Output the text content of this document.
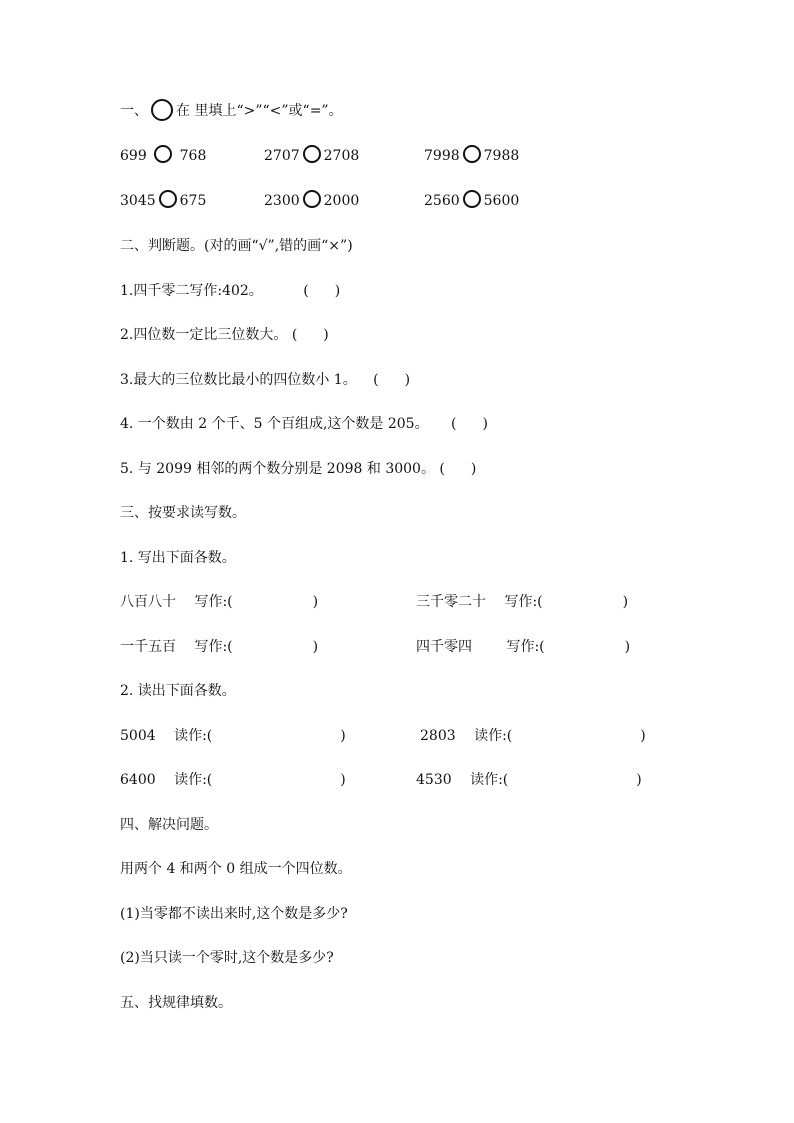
一、 在 里填上“>”“<”或“=”。
699 768	2707 2708	7998 7988
3045 675	2300 2000	2560 5600
二、判断题。(对的画“√”,错的画“×”)
1.四千零二写作:402。	( )
2.四位数一定比三位数大。 ( )
3.最大的三位数比最小的四位数小 1。 ( )
4. 一个数由 2 个千、5 个百组成,这个数是 205。 ( )
5. 与 2099 相邻的两个数分别是 2098 和 3000。 ( )
三、按要求读写数。
1. 写出下面各数。
八百八十 写作:(	)	三千零二十 写作:(	)
一千五百 写作:(	)	四千零四 写作:(	)
2. 读出下面各数。
5004 读作:(	)	2803 读作:(	)
6400 读作:(	)	4530 读作:(	)
四、解决问题。
用两个 4 和两个 0 组成一个四位数。
(1)当零都不读出来时,这个数是多少?
(2)当只读一个零时,这个数是多少?
五、找规律填数。
